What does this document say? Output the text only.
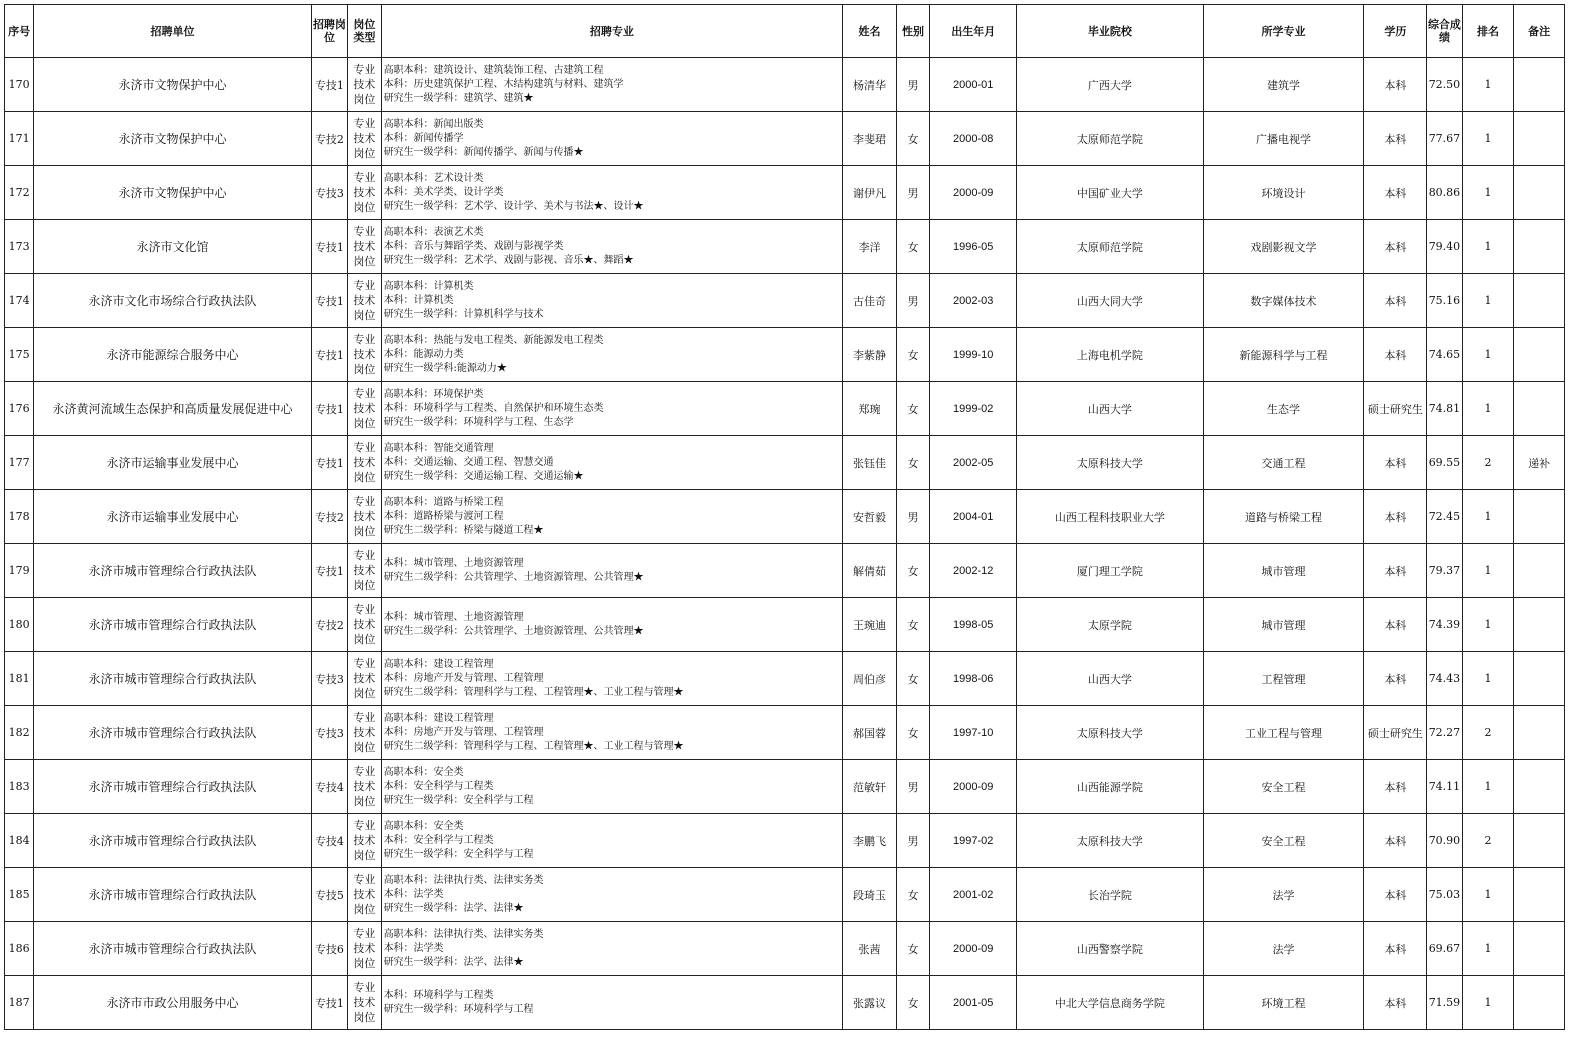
序号	招聘单位	招聘岗位	岗位类型	招聘专业	姓名	性别	出生年月	毕业院校	所学专业	学历	综合成绩	排名	备注
170	永济市文物保护中心	专技1	专业技术岗位	高职本科：建筑设计、建筑装饰工程、古建筑工程
本科：历史建筑保护工程、木结构建筑与材料、建筑学
研究生一级学科：建筑学、建筑★	杨清华	男	2000-01	广西大学	建筑学	本科	72.50	1	
171	永济市文物保护中心	专技2	专业技术岗位	高职本科：新闻出版类
本科：新闻传播学
研究生一级学科：新闻传播学、新闻与传播★	李斐珺	女	2000-08	太原师范学院	广播电视学	本科	77.67	1	
172	永济市文物保护中心	专技3	专业技术岗位	高职本科：艺术设计类
本科：美术学类、设计学类
研究生一级学科：艺术学、设计学、美术与书法★、设计★	谢伊凡	男	2000-09	中国矿业大学	环境设计	本科	80.86	1	
173	永济市文化馆	专技1	专业技术岗位	高职本科：表演艺术类
本科：音乐与舞蹈学类、戏剧与影视学类
研究生一级学科：艺术学、戏剧与影视、音乐★、舞蹈★	李洋	女	1996-05	太原师范学院	戏剧影视文学	本科	79.40	1	
174	永济市文化市场综合行政执法队	专技1	专业技术岗位	高职本科：计算机类
本科：计算机类
研究生一级学科：计算机科学与技术	古佳奇	男	2002-03	山西大同大学	数字媒体技术	本科	75.16	1	
175	永济市能源综合服务中心	专技1	专业技术岗位	高职本科：热能与发电工程类、新能源发电工程类
本科：能源动力类
研究生一级学科:能源动力★	李紫静	女	1999-10	上海电机学院	新能源科学与工程	本科	74.65	1	
176	永济黄河流域生态保护和高质量发展促进中心	专技1	专业技术岗位	高职本科：环境保护类
本科：环境科学与工程类、自然保护和环境生态类
研究生一级学科：环境科学与工程、生态学	郑琬	女	1999-02	山西大学	生态学	硕士研究生	74.81	1	
177	永济市运输事业发展中心	专技1	专业技术岗位	高职本科：智能交通管理
本科：交通运输、交通工程、智慧交通
研究生一级学科：交通运输工程、交通运输★	张钰佳	女	2002-05	太原科技大学	交通工程	本科	69.55	2	递补
178	永济市运输事业发展中心	专技2	专业技术岗位	高职本科：道路与桥梁工程
本科：道路桥梁与渡河工程
研究生二级学科：桥梁与隧道工程★	安哲毅	男	2004-01	山西工程科技职业大学	道路与桥梁工程	本科	72.45	1	
179	永济市城市管理综合行政执法队	专技1	专业技术岗位	本科：城市管理、土地资源管理
研究生二级学科：公共管理学、土地资源管理、公共管理★	解倩茹	女	2002-12	厦门理工学院	城市管理	本科	79.37	1	
180	永济市城市管理综合行政执法队	专技2	专业技术岗位	本科：城市管理、土地资源管理
研究生二级学科：公共管理学、土地资源管理、公共管理★	王琬迪	女	1998-05	太原学院	城市管理	本科	74.39	1	
181	永济市城市管理综合行政执法队	专技3	专业技术岗位	高职本科：建设工程管理
本科：房地产开发与管理、工程管理
研究生二级学科：管理科学与工程、工程管理★、工业工程与管理★	周伯彦	女	1998-06	山西大学	工程管理	本科	74.43	1	
182	永济市城市管理综合行政执法队	专技3	专业技术岗位	高职本科：建设工程管理
本科：房地产开发与管理、工程管理
研究生二级学科：管理科学与工程、工程管理★、工业工程与管理★	郝国蓉	女	1997-10	太原科技大学	工业工程与管理	硕士研究生	72.27	2	
183	永济市城市管理综合行政执法队	专技4	专业技术岗位	高职本科：安全类
本科：安全科学与工程类
研究生一级学科：安全科学与工程	范敏轩	男	2000-09	山西能源学院	安全工程	本科	74.11	1	
184	永济市城市管理综合行政执法队	专技4	专业技术岗位	高职本科：安全类
本科：安全科学与工程类
研究生一级学科：安全科学与工程	李鹏飞	男	1997-02	太原科技大学	安全工程	本科	70.90	2	
185	永济市城市管理综合行政执法队	专技5	专业技术岗位	高职本科：法律执行类、法律实务类
本科：法学类
研究生一级学科：法学、法律★	段琦玉	女	2001-02	长治学院	法学	本科	75.03	1	
186	永济市城市管理综合行政执法队	专技6	专业技术岗位	高职本科：法律执行类、法律实务类
本科：法学类
研究生一级学科：法学、法律★	张茜	女	2000-09	山西警察学院	法学	本科	69.67	1	
187	永济市市政公用服务中心	专技1	专业技术岗位	本科：环境科学与工程类
研究生一级学科：环境科学与工程	张露议	女	2001-05	中北大学信息商务学院	环境工程	本科	71.59	1	
